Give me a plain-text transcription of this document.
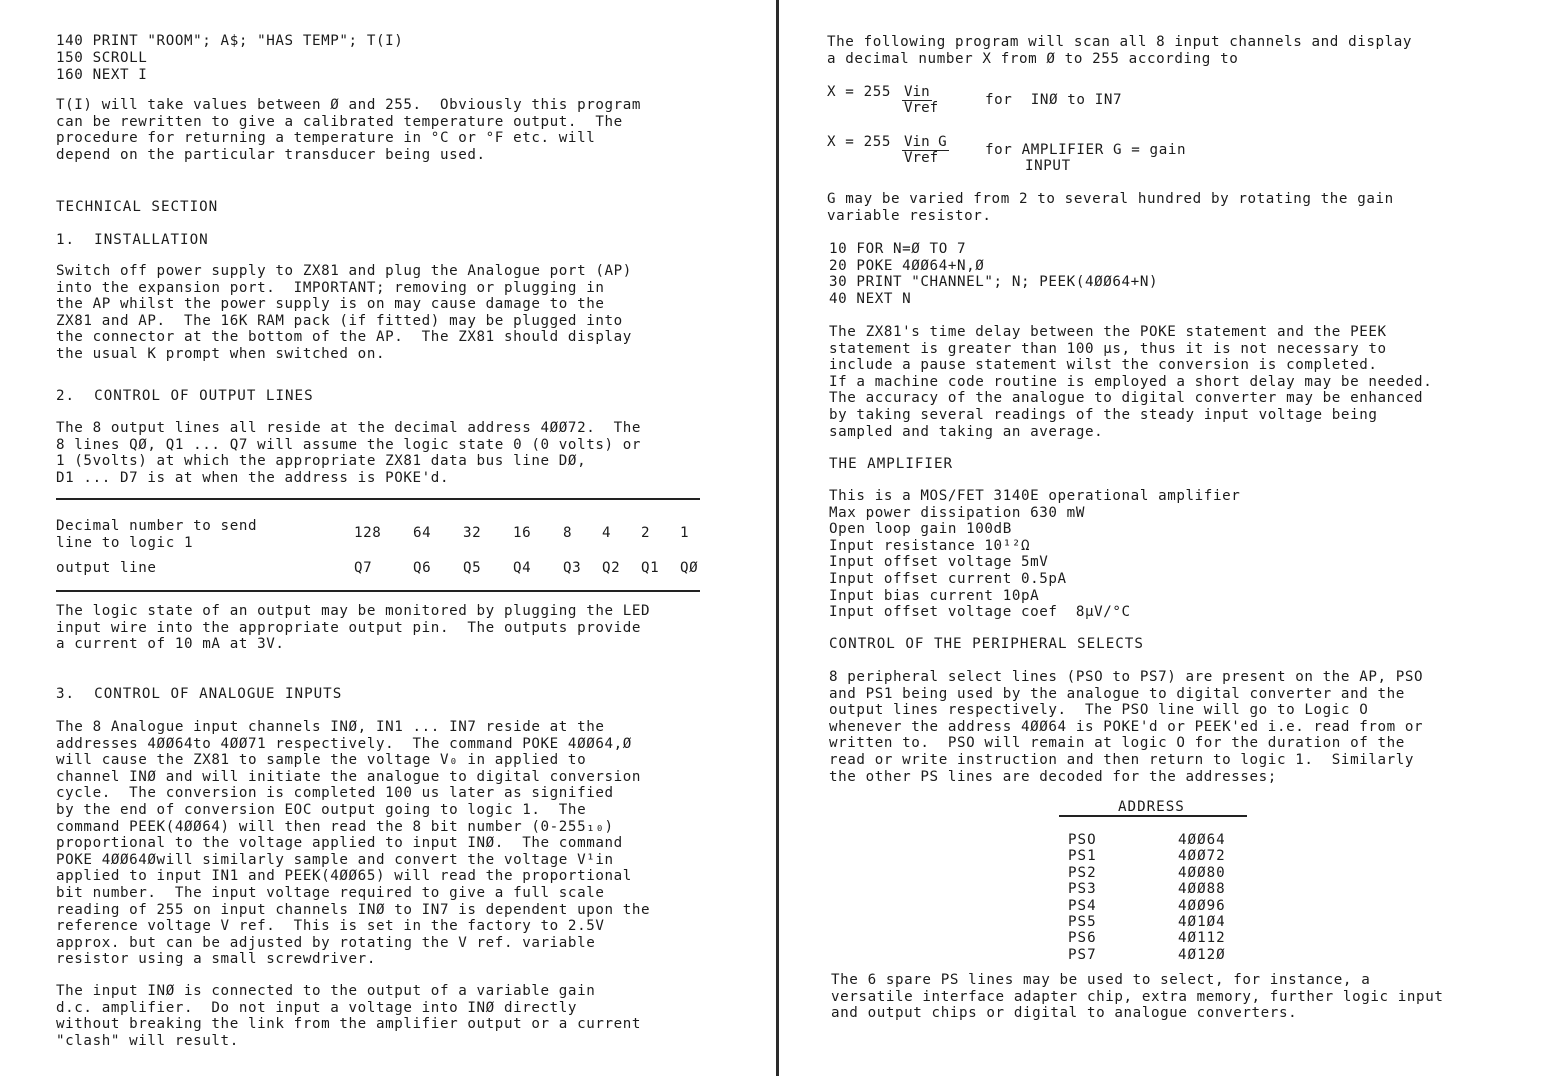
140 PRINT "ROOM"; A$; "HAS TEMP"; T(I)
150 SCROLL
160 NEXT I
T(I) will take values between Ø and 255.  Obviously this program
can be rewritten to give a calibrated temperature output.  The
procedure for returning a temperature in °C or °F etc. will
depend on the particular transducer being used.
TECHNICAL SECTION
1.  INSTALLATION
Switch off power supply to ZX81 and plug the Analogue port (AP)
into the expansion port.  IMPORTANT; removing or plugging in
the AP whilst the power supply is on may cause damage to the
ZX81 and AP.  The 16K RAM pack (if fitted) may be plugged into
the connector at the bottom of the AP.  The ZX81 should display
the usual K prompt when switched on.
2.  CONTROL OF OUTPUT LINES
The 8 output lines all reside at the decimal address 4ØØ72.  The
8 lines QØ, Q1 ... Q7 will assume the logic state 0 (0 volts) or
1 (5volts) at which the appropriate ZX81 data bus line DØ,
D1 ... D7 is at when the address is POKE'd.
Decimal number to send
line to logic 1
128 64 32 16 8 4 2 1
output line	Q7	Q6 Q5 Q4 Q3 Q2 Q1 QØ
The logic state of an output may be monitored by plugging the LED
input wire into the appropriate output pin.  The outputs provide
a current of 10 mA at 3V.
3.  CONTROL OF ANALOGUE INPUTS
The 8 Analogue input channels INØ, IN1 ... IN7 reside at the
addresses 4ØØ64to 4ØØ71 respectively.  The command POKE 4ØØ64,Ø
will cause the ZX81 to sample the voltage V₀ in applied to
channel INØ and will initiate the analogue to digital conversion
cycle.  The conversion is completed 100 us later as signified
by the end of conversion EOC output going to logic 1.  The
command PEEK(4ØØ64) will then read the 8 bit number (0-255₁₀)
proportional to the voltage applied to input INØ.  The command
POKE 4ØØ64Øwill similarly sample and convert the voltage V¹in
applied to input IN1 and PEEK(4ØØ65) will read the proportional
bit number.  The input voltage required to give a full scale
reading of 255 on input channels INØ to IN7 is dependent upon the
reference voltage V ref.  This is set in the factory to 2.5V
approx. but can be adjusted by rotating the V ref. variable
resistor using a small screwdriver.
The input INØ is connected to the output of a variable gain
d.c. amplifier.  Do not input a voltage into INØ directly
without breaking the link from the amplifier output or a current
"clash" will result.
The following program will scan all 8 input channels and display
a decimal number X from Ø to 255 according to
X = 255 Vin
Vref	for  INØ to IN7
X = 255 Vin G
Vref	for AMPLIFIER G = gain
INPUT
G may be varied from 2 to several hundred by rotating the gain
variable resistor.
10 FOR N=Ø TO 7
20 POKE 4ØØ64+N,Ø
30 PRINT "CHANNEL"; N; PEEK(4ØØ64+N)
40 NEXT N
The ZX81's time delay between the POKE statement and the PEEK
statement is greater than 100 µs, thus it is not necessary to
include a pause statement wilst the conversion is completed.
If a machine code routine is employed a short delay may be needed.
The accuracy of the analogue to digital converter may be enhanced
by taking several readings of the steady input voltage being
sampled and taking an average.
THE AMPLIFIER
This is a MOS/FET 3140E operational amplifier
Max power dissipation 630 mW
Open loop gain 100dB
Input resistance 10¹²Ω
Input offset voltage 5mV
Input offset current 0.5pA
Input bias current 10pA
Input offset voltage coef  8µV/°C
CONTROL OF THE PERIPHERAL SELECTS
8 peripheral select lines (PSO to PS7) are present on the AP, PSO
and PS1 being used by the analogue to digital converter and the
output lines respectively.  The PSO line will go to Logic O
whenever the address 4ØØ64 is POKE'd or PEEK'ed i.e. read from or
written to.  PSO will remain at logic O for the duration of the
read or write instruction and then return to logic 1.  Similarly
the other PS lines are decoded for the addresses;
ADDRESS
PSO	4ØØ64
PS1	4ØØ72
PS2	4ØØ80
PS3	4ØØ88
PS4	4ØØ96
PS5	4Ø1Ø4
PS6	4Ø112
PS7	4Ø12Ø
The 6 spare PS lines may be used to select, for instance, a
versatile interface adapter chip, extra memory, further logic input
and output chips or digital to analogue converters.
